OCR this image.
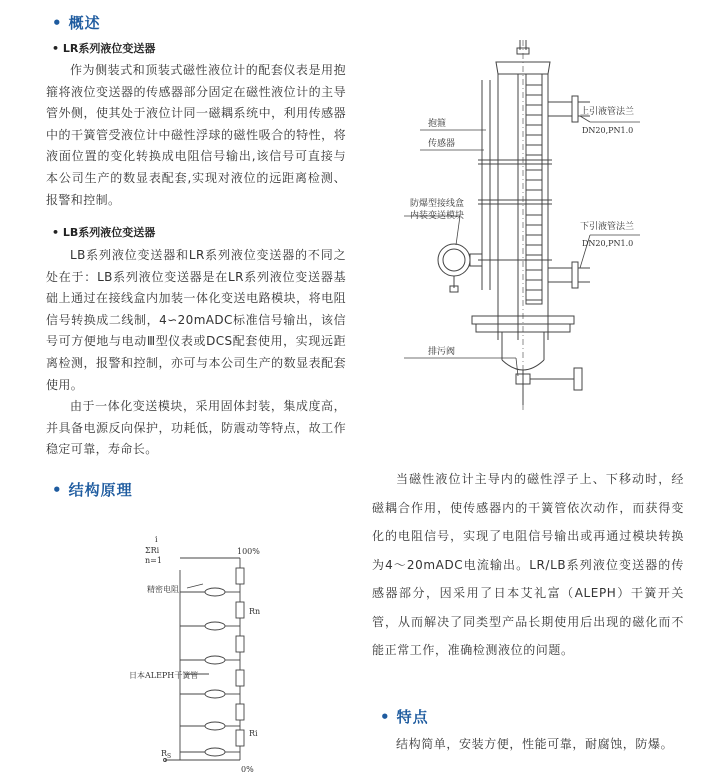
• 概述
• LR系列液位变送器

作为侧装式和顶装式磁性液位计的配套仪表是用抱箍将液位变送器的传感器部分固定在磁性液位计的主导管外侧，使其处于液位计同一磁耦系统中，利用传感器中的干簧管受液位计中磁性浮球的磁性吸合的特性，将液面位置的变化转换成电阻信号输出,该信号可直接与本公司生产的数显表配套,实现对液位的远距离检测、报警和控制。

• LB系列液位变送器

LB系列液位变送器和LR系列液位变送器的不同之处在于：LB系列液位变送器是在LR系列液位变送器基础上通过在接线盒内加装一体化变送电路模块，将电阻信号转换成二线制，4∽20mADC标准信号输出，该信号可方便地与电动Ⅲ型仪表或DCS配套使用，实现远距离检测，报警和控制，亦可与本公司生产的数显表配套使用。

由于一体化变送模块，采用固体封装，集成度高，并具备电源反向保护，功耗低，防震动等特点，故工作稳定可靠，寿命长。

• 结构原理

当磁性液位计主导内的磁性浮子上、下移动时，经磁耦合作用，使传感器内的干簧管依次动作，而获得变化的电阻信号，实现了电阻信号输出或再通过模块转换为4～20mADC电流输出。LR/LB系列液位变送器的传感器部分，因采用了日本艾礼富（ALEPH）干簧开关管，从而解决了同类型产品长期使用后出现的磁化而不能正常工作，准确检测液位的问题。

• 特点

结构简单，安装方便，性能可靠，耐腐蚀，防爆。

抱箍
传感器
防爆型接线盒
内装变送模块
上引液管法兰
DN20,PN1.0
下引液管法兰
DN20,PN1.0
排污阀
i
ΣRi
n=1
100%
精密电阻
Rn
日本ALEPH干簧管
Ri
$R_S$
0%
